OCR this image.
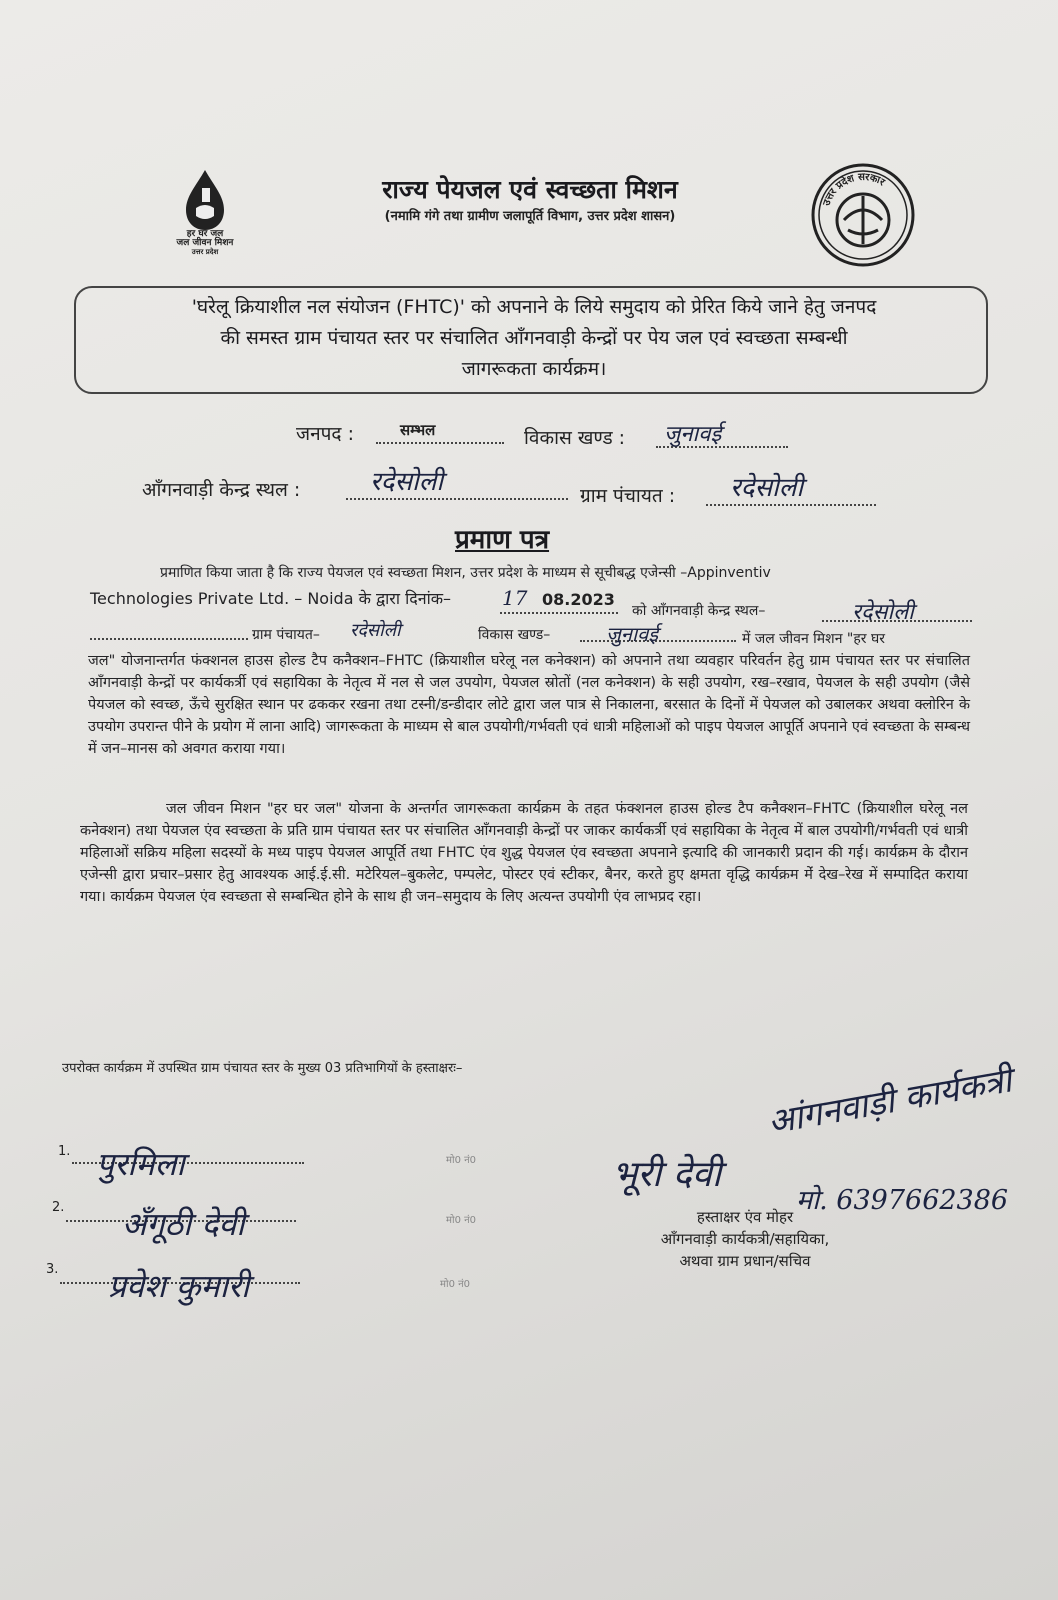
हर घर जल
जल जीवन मिशन
उत्तर प्रदेश
राज्य पेयजल एवं स्वच्छता मिशन
(नमामि गंगे तथा ग्रामीण जलापूर्ति विभाग, उत्तर प्रदेश शासन)
उत्तर प्रदेश सरकार
'घरेलू क्रियाशील नल संयोजन (FHTC)' को अपनाने के लिये समुदाय को प्रेरित किये जाने हेतु जनपद
की समस्त ग्राम पंचायत स्तर पर संचालित ऑंगनवाड़ी केन्द्रों पर पेय जल एवं स्वच्छता सम्बन्धी
जागरूकता कार्यक्रम।
जनपद :	सम्भल	विकास खण्ड : जुनावई
ऑंगनवाड़ी केन्द्र स्थल :	रदेसोली	ग्राम पंचायत : रदेसोली
प्रमाण पत्र
प्रमाणित किया जाता है कि राज्य पेयजल एवं स्वच्छता मिशन, उत्तर प्रदेश के माध्यम से सूचीबद्ध एजेन्सी –Appinventiv
Technologies Private Ltd. – Noida के द्वारा दिनांक–	17 08.2023
को ऑंगनवाड़ी केन्द्र स्थल–	रदेसोली
ग्राम पंचायत– रदेसोली	विकास खण्ड–	जुनावई	में जल जीवन मिशन "हर घर
जल" योजनान्तर्गत फंक्शनल हाउस होल्ड टैप कनैक्शन–FHTC (क्रियाशील घरेलू नल कनेक्शन) को अपनाने तथा व्यवहार परिवर्तन हेतु ग्राम पंचायत स्तर पर संचालित ऑंगनवाड़ी केन्द्रों पर कार्यकर्त्री एवं सहायिका के नेतृत्व में नल से जल उपयोग, पेयजल स्रोतों (नल कनेक्शन) के सही उपयोग, रख–रखाव, पेयजल के सही उपयोग (जैसे पेयजल को स्वच्छ, ऊँचे सुरक्षित स्थान पर ढककर रखना तथा टस्नी/डन्डीदार लोटे द्वारा जल पात्र से निकालना, बरसात के दिनों में पेयजल को उबालकर अथवा क्लोरिन के उपयोग उपरान्त पीने के प्रयोग में लाना आदि) जागरूकता के माध्यम से बाल उपयोगी/गर्भवती एवं धात्री महिलाओं को पाइप पेयजल आपूर्ति अपनाने एवं स्वच्छता के सम्बन्ध में जन–मानस को अवगत कराया गया।
जल जीवन मिशन "हर घर जल" योजना के अन्तर्गत जागरूकता कार्यक्रम के तहत फंक्शनल हाउस होल्ड टैप कनैक्शन–FHTC (क्रियाशील घरेलू नल कनेक्शन) तथा पेयजल एंव स्वच्छता के प्रति ग्राम पंचायत स्तर पर संचालित ऑंगनवाड़ी केन्द्रों पर जाकर कार्यकर्त्री एवं सहायिका के नेतृत्व में बाल उपयोगी/गर्भवती एवं धात्री महिलाओं सक्रिय महिला सदस्यों के मध्य पाइप पेयजल आपूर्ति तथा FHTC एंव शुद्ध पेयजल एंव स्वच्छता अपनाने इत्यादि की जानकारी प्रदान की गई। कार्यक्रम के दौरान एजेन्सी द्वारा प्रचार–प्रसार हेतु आवश्यक आई.ई.सी. मटेरियल–बुकलेट, पम्पलेट, पोस्टर एवं स्टीकर, बैनर, करते हुए क्षमता वृद्धि कार्यक्रम मेंं देख–रेख में सम्पादित कराया गया। कार्यक्रम पेयजल एंव स्वच्छता से सम्बन्धित होने के साथ ही जन–समुदाय के लिए अत्यन्त उपयोगी एंव लाभप्रद रहा।
उपरोक्त कार्यक्रम में उपस्थित ग्राम पंचायत स्तर के मुख्य 03 प्रतिभागियों के हस्ताक्षरः–
1. पुरमिला	मो0 नं0
2. अँगूठी देवी	मो0 नं0
3. प्रवेश कुमारी	मो0 नं0
भूरी देवी
आंगनवाड़ी कार्यकत्री
मो. 6397662386
हस्ताक्षर एंव मोहर
ऑंगनवाड़ी कार्यकत्री/सहायिका,
अथवा ग्राम प्रधान/सचिव
